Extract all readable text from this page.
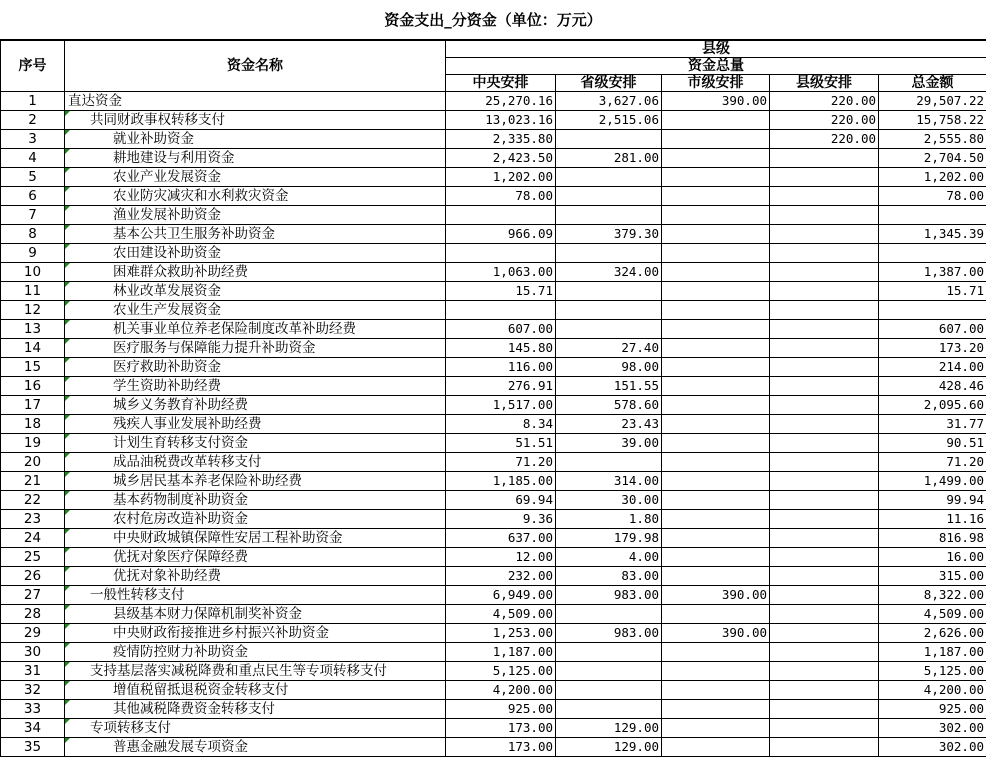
资金支出_分资金（单位：万元）
序号	资金名称	县级				
		资金总量				
		中央安排	省级安排	市级安排	县级安排	总金额
1	直达资金	25,270.16	3,627.06	390.00	220.00	29,507.22
2	共同财政事权转移支付	13,023.16	2,515.06		220.00	15,758.22
3	就业补助资金	2,335.80			220.00	2,555.80
4	耕地建设与利用资金	2,423.50	281.00			2,704.50
5	农业产业发展资金	1,202.00				1,202.00
6	农业防灾减灾和水利救灾资金	78.00				78.00
7	渔业发展补助资金					
8	基本公共卫生服务补助资金	966.09	379.30			1,345.39
9	农田建设补助资金					
10	困难群众救助补助经费	1,063.00	324.00			1,387.00
11	林业改革发展资金	15.71				15.71
12	农业生产发展资金					
13	机关事业单位养老保险制度改革补助经费	607.00				607.00
14	医疗服务与保障能力提升补助资金	145.80	27.40			173.20
15	医疗救助补助资金	116.00	98.00			214.00
16	学生资助补助经费	276.91	151.55			428.46
17	城乡义务教育补助经费	1,517.00	578.60			2,095.60
18	残疾人事业发展补助经费	8.34	23.43			31.77
19	计划生育转移支付资金	51.51	39.00			90.51
20	成品油税费改革转移支付	71.20				71.20
21	城乡居民基本养老保险补助经费	1,185.00	314.00			1,499.00
22	基本药物制度补助资金	69.94	30.00			99.94
23	农村危房改造补助资金	9.36	1.80			11.16
24	中央财政城镇保障性安居工程补助资金	637.00	179.98			816.98
25	优抚对象医疗保障经费	12.00	4.00			16.00
26	优抚对象补助经费	232.00	83.00			315.00
27	一般性转移支付	6,949.00	983.00	390.00		8,322.00
28	县级基本财力保障机制奖补资金	4,509.00				4,509.00
29	中央财政衔接推进乡村振兴补助资金	1,253.00	983.00	390.00		2,626.00
30	疫情防控财力补助资金	1,187.00				1,187.00
31	支持基层落实减税降费和重点民生等专项转移支付	5,125.00				5,125.00
32	增值税留抵退税资金转移支付	4,200.00				4,200.00
33	其他减税降费资金转移支付	925.00				925.00
34	专项转移支付	173.00	129.00			302.00
35	普惠金融发展专项资金	173.00	129.00			302.00
